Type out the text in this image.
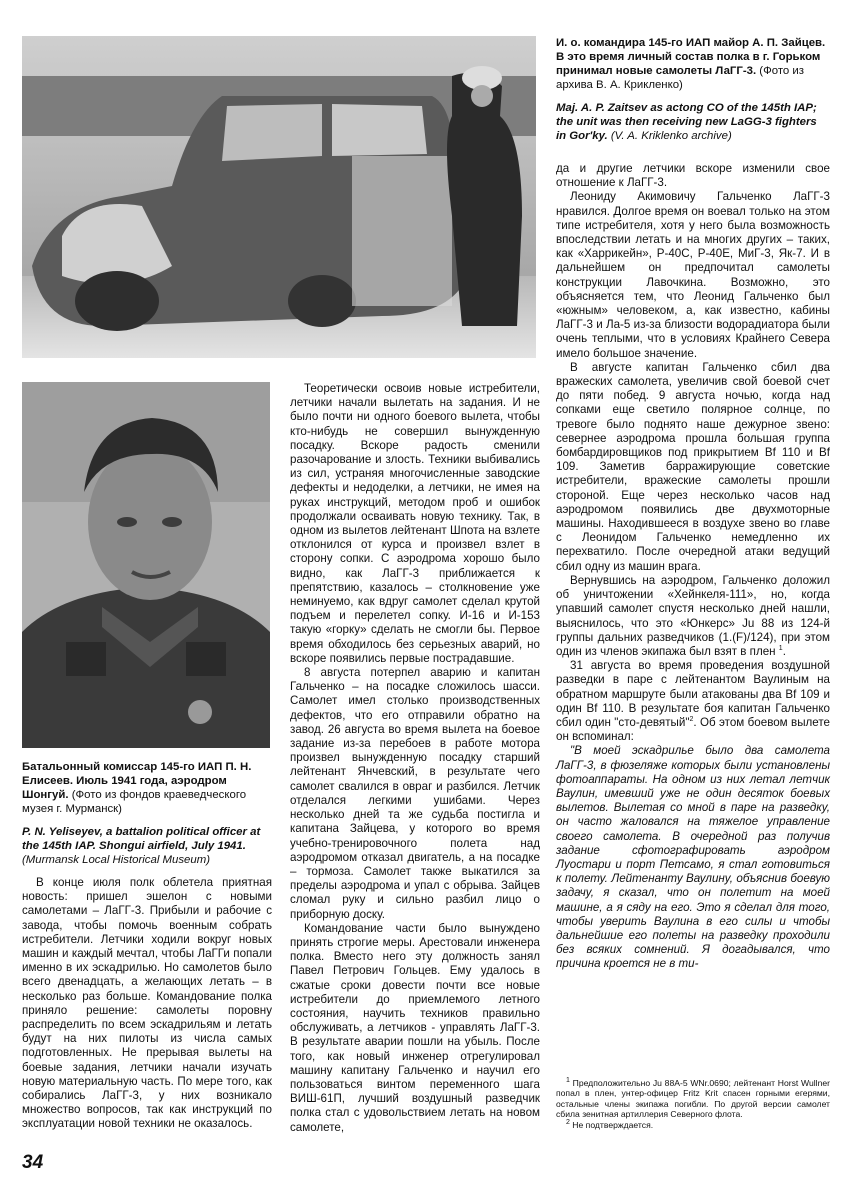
И. о. командира 145-го ИАП майор А. П. Зайцев. В это время личный состав полка в г. Горьком принимал новые самолеты ЛаГГ-3. (Фото из архива В. А. Крикленко)
Maj. A. P. Zaitsev as actong CO of the 145th IAP; the unit was then receiving new LaGG-3 fighters in Gor'ky. (V. A. Kriklenko archive)
Батальонный комиссар 145-го ИАП П. Н. Елисеев. Июль 1941 года, аэродром Шонгуй. (Фото из фондов краеведческого музея г. Мурманск)
P. N. Yeliseyev, a battalion political officer at the 145th IAP. Shongui airfield, July 1941. (Murmansk Local Historical Museum)

В конце июля полк облетела приятная новость: пришел эшелон с новыми самолетами – ЛаГГ-3. Прибыли и рабочие с завода, чтобы помочь военным собрать истребители. Летчики ходили вокруг новых машин и каждый мечтал, чтобы ЛаГГи попали именно в их эскадрилью. Но самолетов было всего двенадцать, а желающих летать – в несколько раз больше. Командование полка приняло решение: самолеты поровну распределить по всем эскадрильям и летать будут на них пилоты из числа самых подготовленных. Не прерывая вылеты на боевые задания, летчики начали изучать новую материальную часть. По мере того, как собирались ЛаГГ-3, у них возникало множество вопросов, так как инструкций по эксплуатации новой техники не оказалось.

Теоретически освоив новые истребители, летчики начали вылетать на задания. И не было почти ни одного боевого вылета, чтобы кто-нибудь не совершил вынужденную посадку. Вскоре радость сменили разочарование и злость. Техники выбивались из сил, устраняя многочисленные заводские дефекты и недоделки, а летчики, не имея на руках инструкций, методом проб и ошибок продолжали осваивать новую технику. Так, в одном из вылетов лейтенант Шпота на взлете отклонился от курса и произвел взлет в сторону сопки. С аэродрома хорошо было видно, как ЛаГГ-3 приближается к препятствию, казалось – столкновение уже неминуемо, как вдруг самолет сделал крутой подъем и перелетел сопку. И-16 и И-153 такую «горку» сделать не смогли бы. Первое время обходилось без серьезных аварий, но вскоре появились первые пострадавшие.

8 августа потерпел аварию и капитан Гальченко – на посадке сложилось шасси. Самолет имел столько производственных дефектов, что его отправили обратно на завод. 26 августа во время вылета на боевое задание из-за перебоев в работе мотора произвел вынужденную посадку старший лейтенант Янчевский, в результате чего самолет свалился в овраг и разбился. Летчик отделался легкими ушибами. Через несколько дней та же судьба постигла и капитана Зайцева, у которого во время учебно-тренировочного полета над аэродромом отказал двигатель, а на посадке – тормоза. Самолет также выкатился за пределы аэродрома и упал с обрыва. Зайцев сломал руку и сильно разбил лицо о приборную доску.

Командование части было вынуждено принять строгие меры. Арестовали инженера полка. Вместо него эту должность занял Павел Петрович Гольцев. Ему удалось в сжатые сроки довести почти все новые истребители до приемлемого летного состояния, научить техников правильно обслуживать, а летчиков - управлять ЛаГГ-3. В результате аварии пошли на убыль. После того, как новый инженер отрегулировал машину капитану Гальченко и научил его пользоваться винтом переменного шага ВИШ-61П, лучший воздушный разведчик полка стал с удовольствием летать на новом самолете,

да и другие летчики вскоре изменили свое отношение к ЛаГГ-3.

Леониду Акимовичу Гальченко ЛаГГ-3 нравился. Долгое время он воевал только на этом типе истребителя, хотя у него была возможность впоследствии летать и на многих других – таких, как «Харрикейн», Р-40С, Р-40Е, МиГ-3, Як-7. И в дальнейшем он предпочитал самолеты конструкции Лавочкина. Возможно, это объясняется тем, что Леонид Гальченко был «южным» человеком, а, как известно, кабины ЛаГГ-3 и Ла-5 из-за близости водорадиатора были очень теплыми, что в условиях Крайнего Севера имело большое значение.

В августе капитан Гальченко сбил два вражеских самолета, увеличив свой боевой счет до пяти побед. 9 августа ночью, когда над сопками еще светило полярное солнце, по тревоге было поднято наше дежурное звено: севернее аэродрома прошла большая группа бомбардировщиков под прикрытием Bf 110 и Bf 109. Заметив барражирующие советские истребители, вражеские самолеты прошли стороной. Еще через несколько часов над аэродромом появились две двухмоторные машины. Находившееся в воздухе звено во главе с Леонидом Гальченко немедленно их перехватило. После очередной атаки ведущий сбил одну из машин врага.

Вернувшись на аэродром, Гальченко доложил об уничтожении «Хейнкеля-111», но, когда упавший самолет спустя несколько дней нашли, выяснилось, что это «Юнкерс» Ju 88 из 124-й группы дальних разведчиков (1.(F)/124), при этом один из членов экипажа был взят в плен $^1$.

31 августа во время проведения воздушной разведки в паре с лейтенантом Ваулиным на обратном маршруте были атакованы два Bf 109 и один Bf 110. В результате боя капитан Гальченко сбил один "сто-девятый"$^2$. Об этом боевом вылете он вспоминал:

"В моей эскадрилье было два самолета ЛаГГ-3, в фюзеляже которых были установлены фотоаппараты. На одном из них летал летчик Ваулин, имевший уже не один десяток боевых вылетов. Вылетая со мной в паре на разведку, он часто жаловался на тяжелое управление своего самолета. В очередной раз получив задание сфотографировать аэродром Луостари и порт Петсамо, я стал готовиться к полету. Лейтенанту Ваулину, объяснив боевую задачу, я сказал, что он полетит на моей машине, а я сяду на его. Это я сделал для того, чтобы уверить Ваулина в его силы и чтобы дальнейшие его полеты на разведку проходили без всяких сомнений. Я догадывался, что причина кроется не в ти-

$^1$ Предположительно Ju 88A-5 WNr.0690; лейтенант Horst Wullner попал в плен, унтер-офицер Fritz Krit спасен горными егерями, остальные члены экипажа погибли. По другой версии самолет сбила зенитная артиллерия Северного флота.

$^2$ Не подтверждается.

34
